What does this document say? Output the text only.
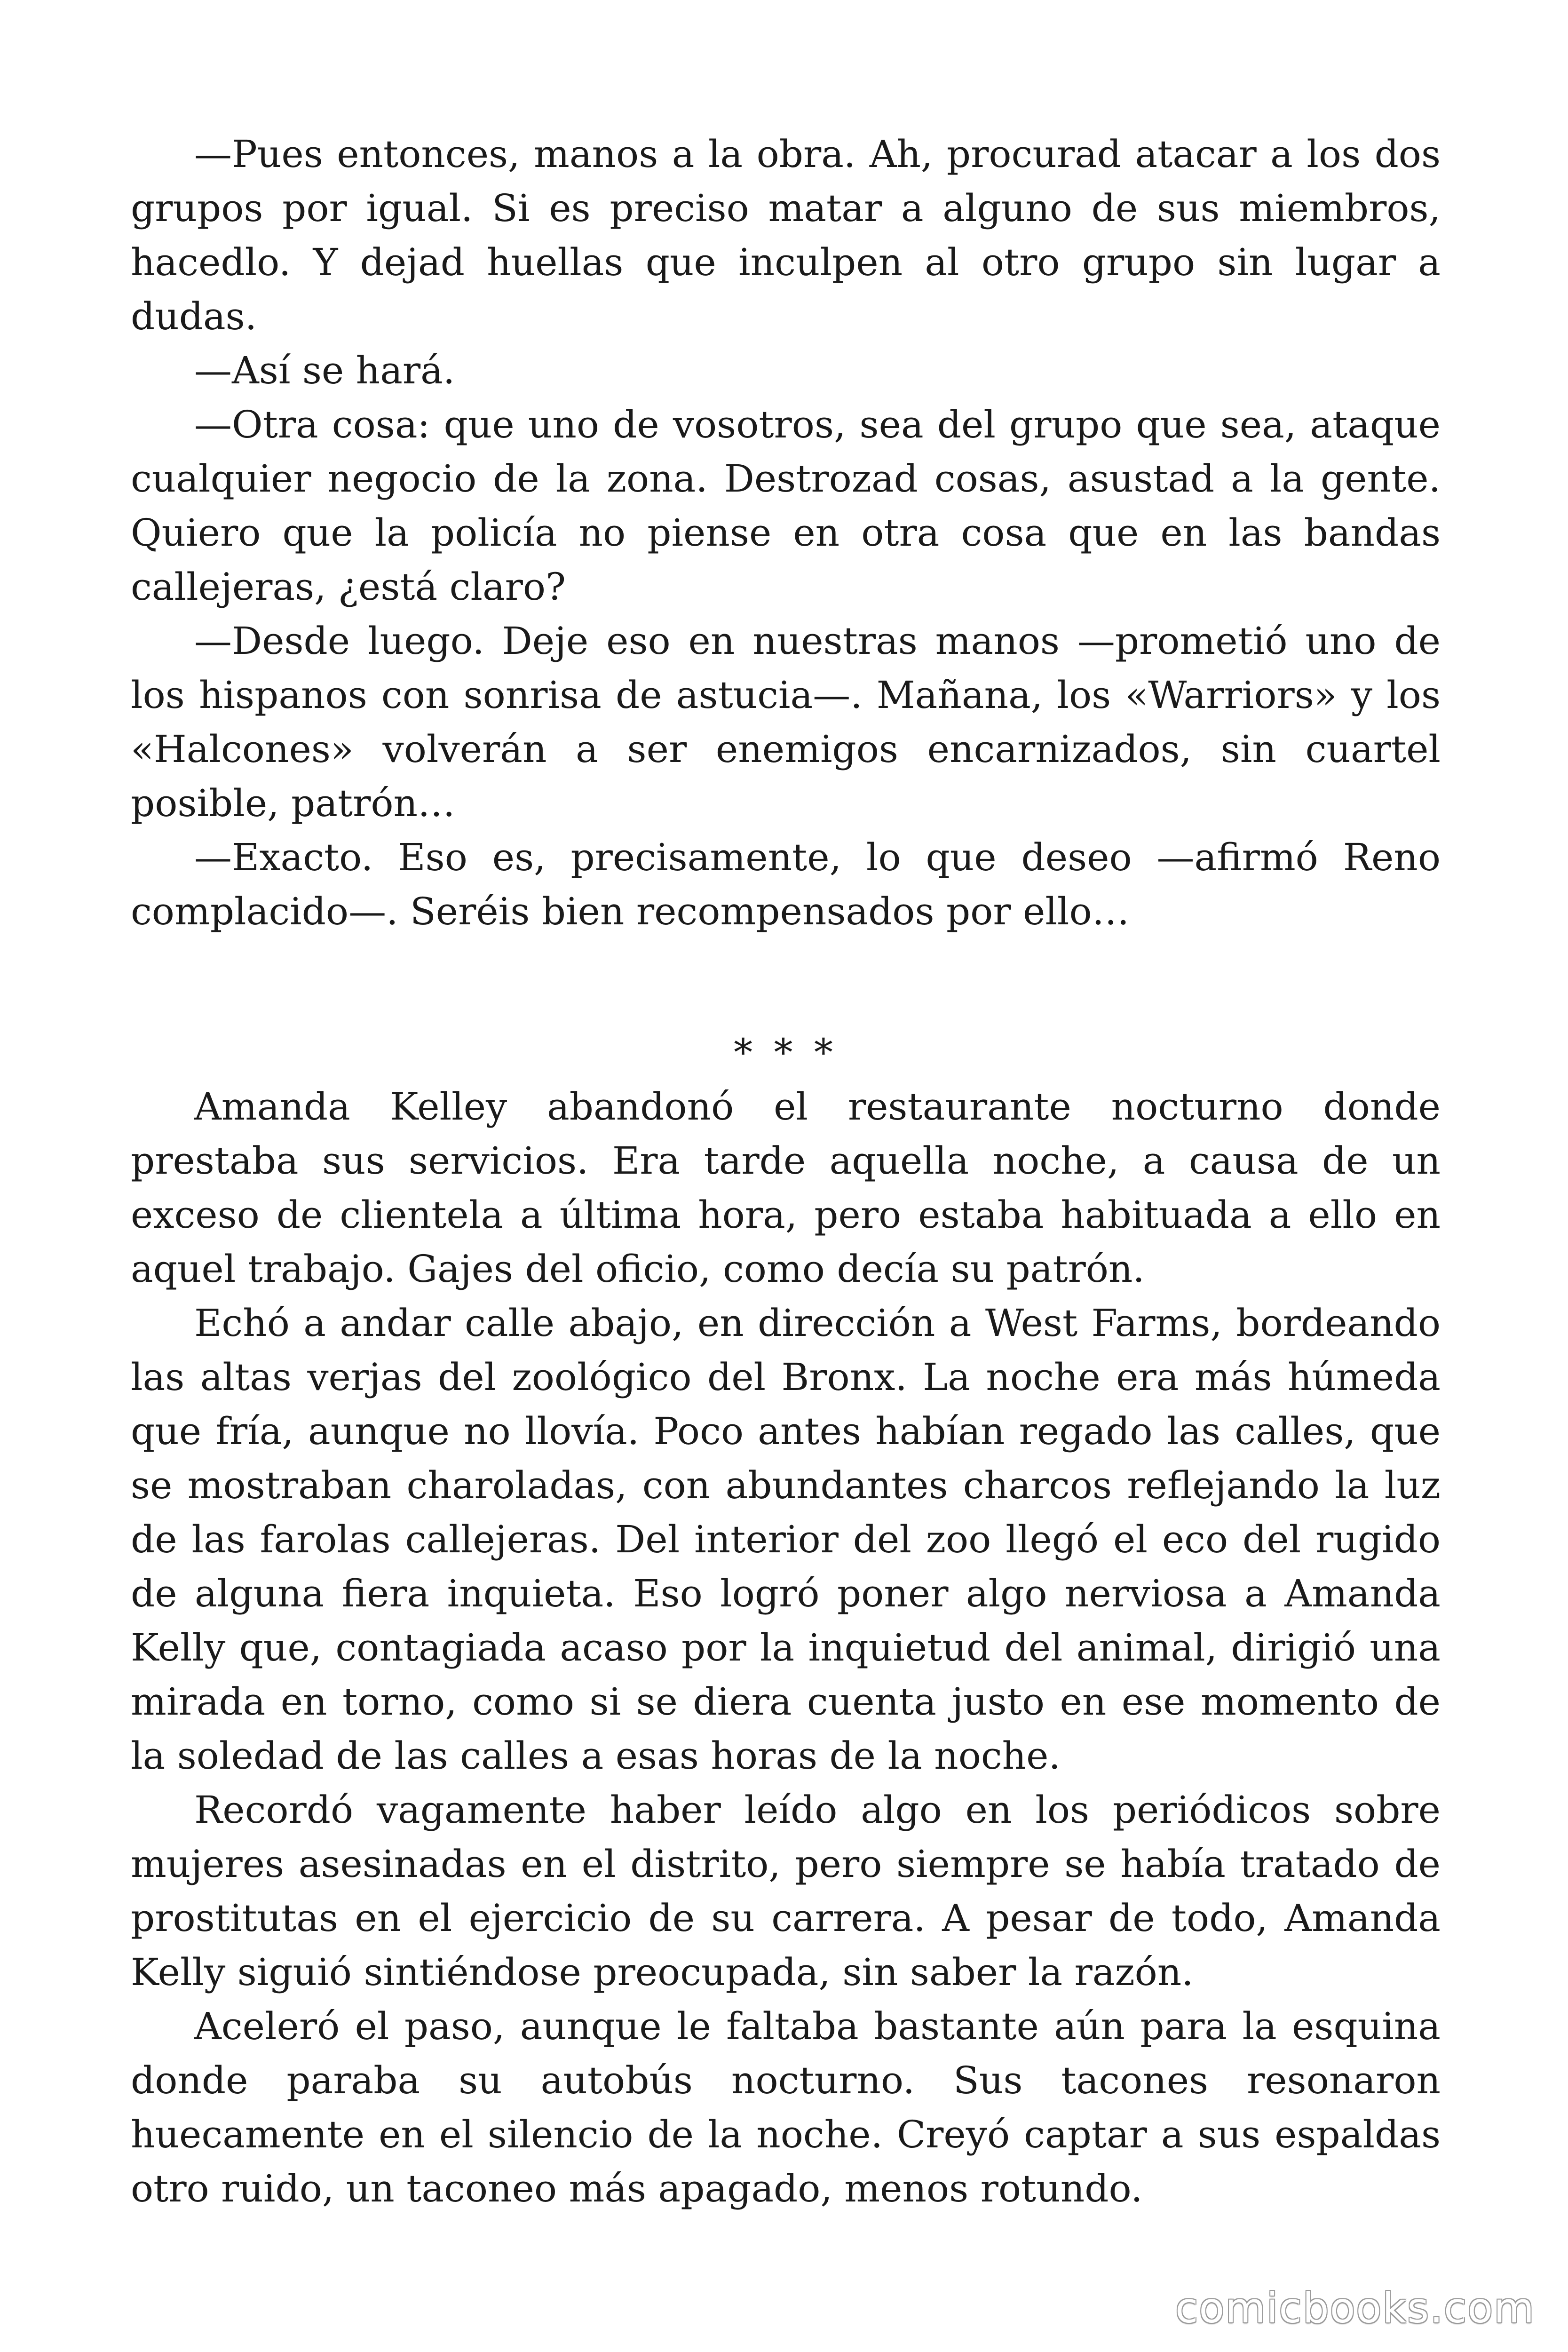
—Pues entonces, manos a la obra. Ah, procurad atacar a los dos grupos por igual. Si es preciso matar a alguno de sus miembros, hacedlo. Y dejad huellas que inculpen al otro grupo sin lugar a dudas.

—Así se hará.

—Otra cosa: que uno de vosotros, sea del grupo que sea, ataque cualquier negocio de la zona. Destrozad cosas, asustad a la gente. Quiero que la policía no piense en otra cosa que en las bandas callejeras, ¿está claro?

—Desde luego. Deje eso en nuestras manos —prometió uno de los hispanos con sonrisa de astucia—. Mañana, los «Warriors» y los «Halcones» volverán a ser enemigos encarnizados, sin cuartel posible, patrón…

—Exacto. Eso es, precisamente, lo que deseo —afirmó Reno complacido—. Seréis bien recompensados por ello…

* * *

Amanda Kelley abandonó el restaurante nocturno donde prestaba sus servicios. Era tarde aquella noche, a causa de un exceso de clientela a última hora, pero estaba habituada a ello en aquel trabajo. Gajes del oficio, como decía su patrón.

Echó a andar calle abajo, en dirección a West Farms, bordeando las altas verjas del zoológico del Bronx. La noche era más húmeda que fría, aunque no llovía. Poco antes habían regado las calles, que se mostraban charoladas, con abundantes charcos reflejando la luz de las farolas callejeras. Del interior del zoo llegó el eco del rugido de alguna fiera inquieta. Eso logró poner algo nerviosa a Amanda Kelly que, contagiada acaso por la inquietud del animal, dirigió una mirada en torno, como si se diera cuenta justo en ese momento de la soledad de las calles a esas horas de la noche.

Recordó vagamente haber leído algo en los periódicos sobre mujeres asesinadas en el distrito, pero siempre se había tratado de prostitutas en el ejercicio de su carrera. A pesar de todo, Amanda Kelly siguió sintiéndose preocupada, sin saber la razón.

Aceleró el paso, aunque le faltaba bastante aún para la esquina donde paraba su autobús nocturno. Sus tacones resonaron huecamente en el silencio de la noche. Creyó captar a sus espaldas otro ruido, un taconeo más apagado, menos rotundo.

comicbooks.com
